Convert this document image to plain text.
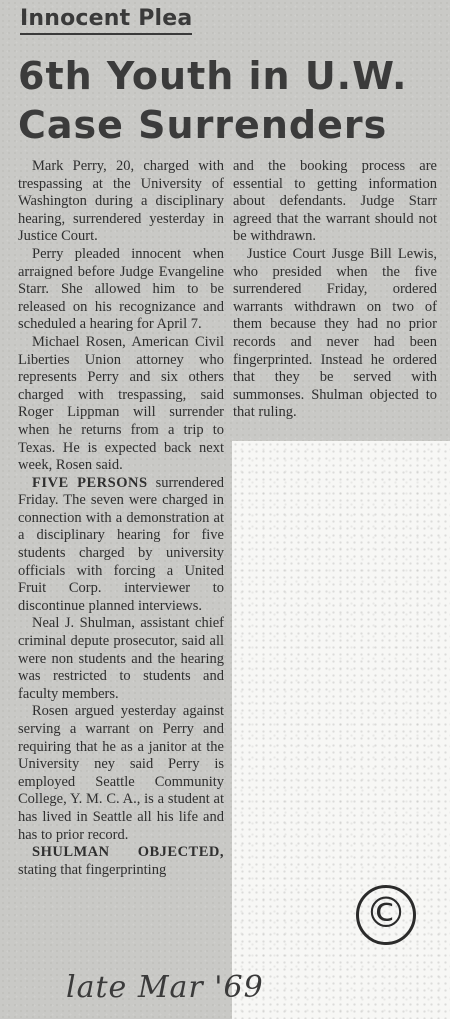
Innocent Plea
6th Youth in U.W. Case Surrenders

Mark Perry, 20, charged with trespassing at the University of Washington during a disciplinary hearing, surrendered yesterday in Justice Court.

Perry pleaded innocent when arraigned before Judge Evangeline Starr. She allowed him to be released on his recognizance and scheduled a hearing for April 7.

Michael Rosen, American Civil Liberties Union attorney who represents Perry and six others charged with trespassing, said Roger Lippman will surrender when he returns from a trip to Texas. He is expected back next week, Rosen said.

FIVE PERSONS surrendered Friday. The seven were charged in connection with a demonstration at a disciplinary hearing for five students charged by university officials with forcing a United Fruit Corp. interviewer to discontinue planned interviews.

Neal J. Shulman, assistant chief criminal depute prosecutor, said all were non students and the hearing was restricted to students and faculty members.

Rosen argued yesterday against serving a warrant on Perry and requiring that he as a janitor at the University ney said Perry is employed Seattle Community College, Y. M. C. A., is a student at has lived in Seattle all his life and has to prior record.

SHULMAN OBJECTED, stating that fingerprinting

and the booking process are essential to getting information about defendants. Judge Starr agreed that the warrant should not be withdrawn.

Justice Court Jusge Bill Lewis, who presided when the five surrendered Friday, ordered warrants withdrawn on two of them because they had no prior records and never had been fingerprinted. Instead he ordered that they be served with summonses. Shulman objected to that ruling.

©
late Mar '69
